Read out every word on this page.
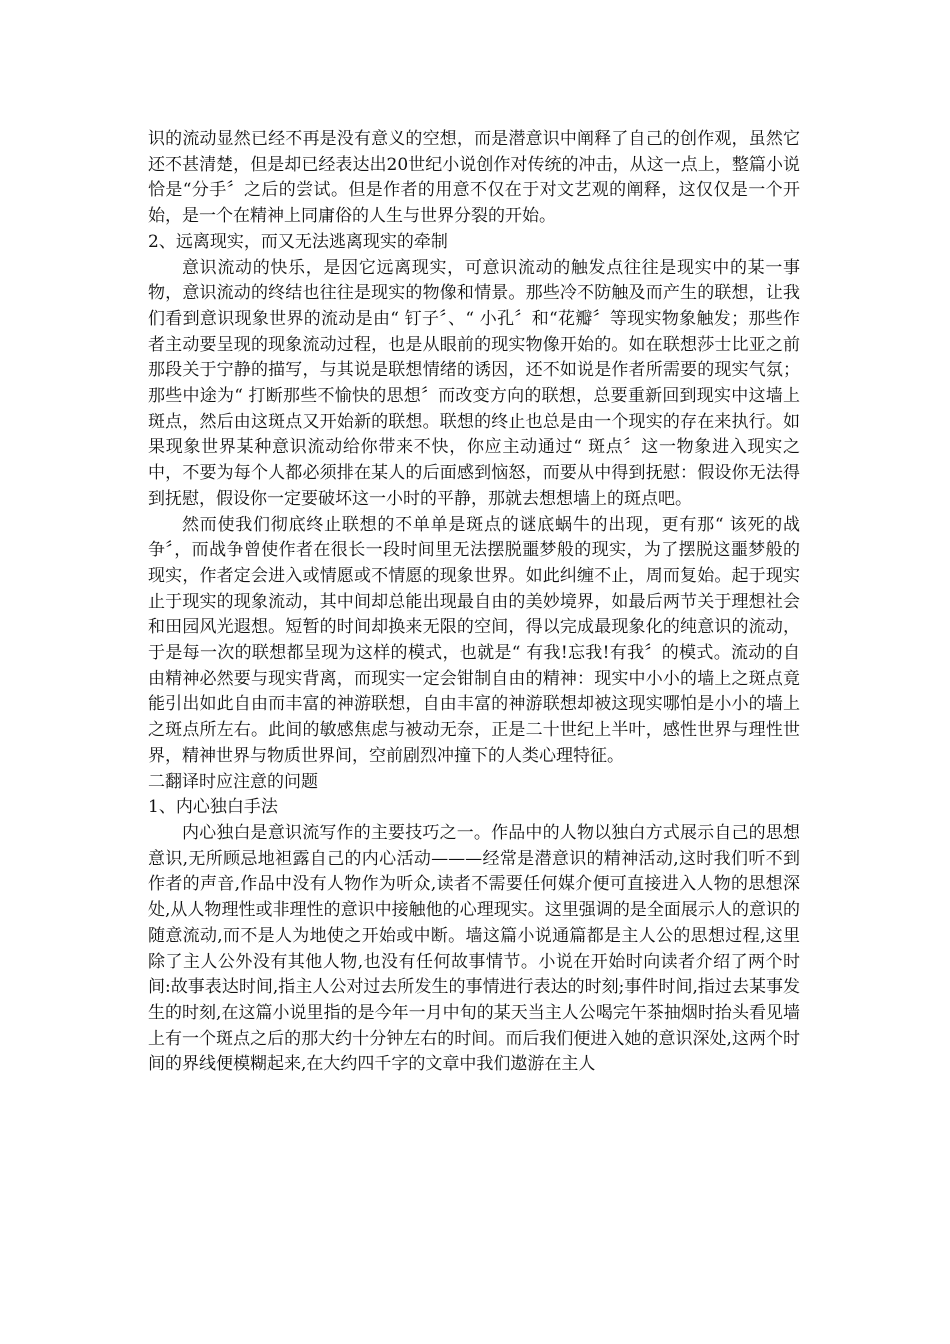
识的流动显然已经不再是没有意义的空想，而是潜意识中阐释了自己的创作观，虽然它还不甚清楚，但是却已经表达出20世纪小说创作对传统的冲击，从这一点上，整篇小说恰是“分手〞之后的尝试。但是作者的用意不仅在于对文艺观的阐释，这仅仅是一个开始，是一个在精神上同庸俗的人生与世界分裂的开始。

2、远离现实，而又无法逃离现实的牵制

意识流动的快乐，是因它远离现实，可意识流动的触发点往往是现实中的某一事物，意识流动的终结也往往是现实的物像和情景。那些冷不防触及而产生的联想，让我们看到意识现象世界的流动是由“ 钉子〞、“ 小孔〞和“花瓣〞等现实物象触发；那些作者主动要呈现的现象流动过程，也是从眼前的现实物像开始的。如在联想莎士比亚之前那段关于宁静的描写，与其说是联想情绪的诱因，还不如说是作者所需要的现实气氛；那些中途为“ 打断那些不愉快的思想〞而改变方向的联想，总要重新回到现实中这墙上斑点，然后由这斑点又开始新的联想。联想的终止也总是由一个现实的存在来执行。如果现象世界某种意识流动给你带来不快，你应主动通过“ 斑点〞这一物象进入现实之中，不要为每个人都必须排在某人的后面感到恼怒，而要从中得到抚慰：假设你无法得到抚慰，假设你一定要破坏这一小时的平静，那就去想想墙上的斑点吧。

然而使我们彻底终止联想的不单单是斑点的谜底蜗牛的出现，更有那“ 该死的战争〞，而战争曾使作者在很长一段时间里无法摆脱噩梦般的现实，为了摆脱这噩梦般的现实，作者定会进入或情愿或不情愿的现象世界。如此纠缠不止，周而复始。起于现实止于现实的现象流动，其中间却总能出现最自由的美妙境界，如最后两节关于理想社会和田园风光遐想。短暂的时间却换来无限的空间，得以完成最现象化的纯意识的流动，于是每一次的联想都呈现为这样的模式，也就是“ 有我!忘我!有我〞的模式。流动的自由精神必然要与现实背离，而现实一定会钳制自由的精神：现实中小小的墙上之斑点竟能引出如此自由而丰富的神游联想，自由丰富的神游联想却被这现实哪怕是小小的墙上之斑点所左右。此间的敏感焦虑与被动无奈，正是二十世纪上半叶，感性世界与理性世界，精神世界与物质世界间，空前剧烈冲撞下的人类心理特征。

二翻译时应注意的问题

1、内心独白手法

内心独白是意识流写作的主要技巧之一。作品中的人物以独白方式展示自己的思想意识,无所顾忌地袒露自己的内心活动———经常是潜意识的精神活动,这时我们听不到作者的声音,作品中没有人物作为听众,读者不需要任何媒介便可直接进入人物的思想深处,从人物理性或非理性的意识中接触他的心理现实。这里强调的是全面展示人的意识的随意流动,而不是人为地使之开始或中断。墙这篇小说通篇都是主人公的思想过程,这里除了主人公外没有其他人物,也没有任何故事情节。小说在开始时向读者介绍了两个时间:故事表达时间,指主人公对过去所发生的事情进行表达的时刻;事件时间,指过去某事发生的时刻,在这篇小说里指的是今年一月中旬的某天当主人公喝完午茶抽烟时抬头看见墙上有一个斑点之后的那大约十分钟左右的时间。而后我们便进入她的意识深处,这两个时间的界线便模糊起来,在大约四千字的文章中我们遨游在主人
